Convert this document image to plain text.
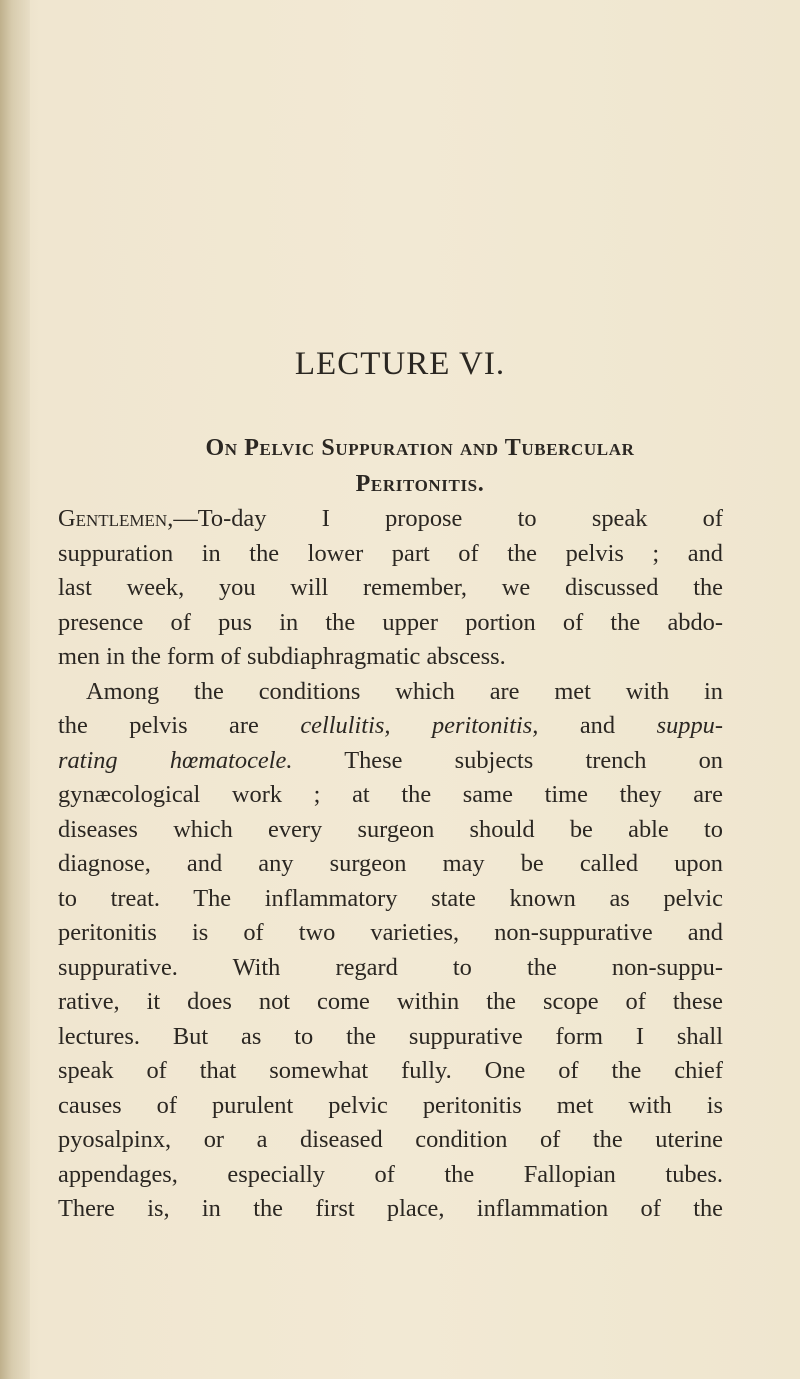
LECTURE VI.
On Pelvic Suppuration and Tubercular
Peritonitis.
Gentlemen,—To-day I propose to speak of
suppuration in the lower part of the pelvis ; and
last week, you will remember, we discussed the
presence of pus in the upper portion of the abdo-
men in the form of subdiaphragmatic abscess.
Among the conditions which are met with in
the pelvis are cellulitis, peritonitis, and suppu-
rating hœmatocele. These subjects trench on
gynæcological work ; at the same time they are
diseases which every surgeon should be able to
diagnose, and any surgeon may be called upon
to treat. The inflammatory state known as pelvic
peritonitis is of two varieties, non-suppurative and
suppurative. With regard to the non-suppu-
rative, it does not come within the scope of these
lectures. But as to the suppurative form I shall
speak of that somewhat fully. One of the chief
causes of purulent pelvic peritonitis met with is
pyosalpinx, or a diseased condition of the uterine
appendages, especially of the Fallopian tubes.
There is, in the first place, inflammation of the
